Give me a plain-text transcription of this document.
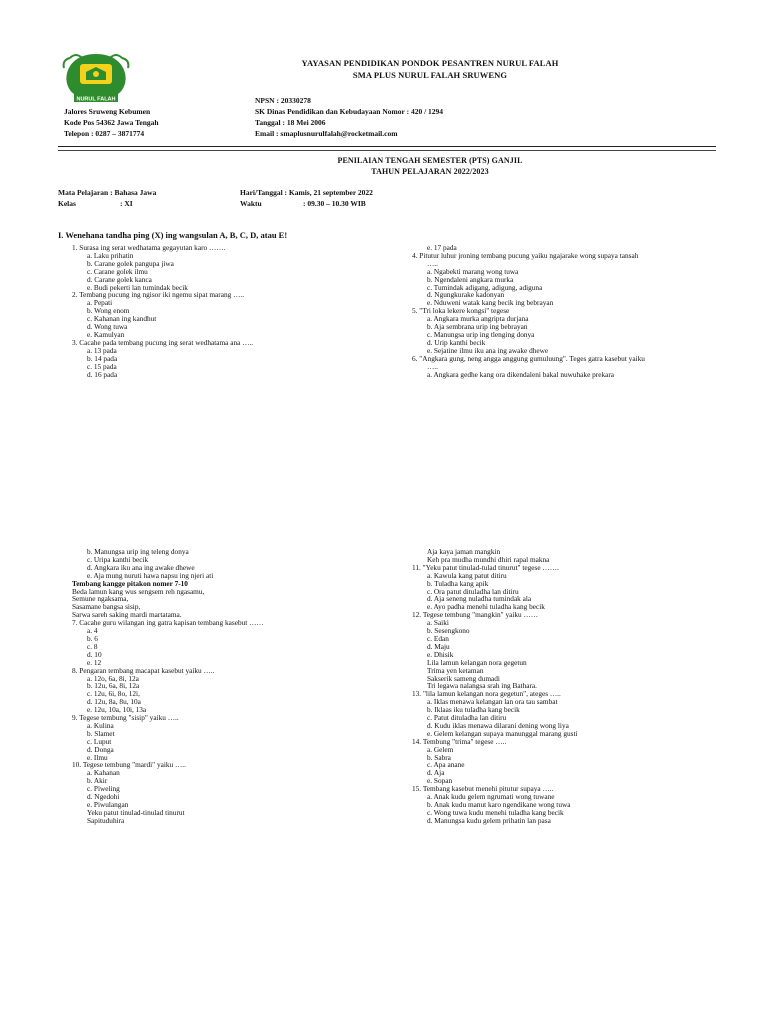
NURUL FALAH
YAYASAN PENDIDIKAN PONDOK PESANTREN NURUL FALAH
SMA PLUS NURUL FALAH SRUWENG
Jalores Sruweng Kebumen
Kode Pos 54362 Jawa Tengah
Telepon : 0287 – 3871774
NPSN : 20330278
SK Dinas Pendidikan dan Kebudayaan Nomor : 420 / 1294
Tanggal : 18 Mei 2006
Email : smaplusnurulfalah@rocketmail.com
PENILAIAN TENGAH SEMESTER (PTS) GANJIL
TAHUN PELAJARAN 2022/2023
Mata Pelajaran : Bahasa Jawa
Kelas	: XI
Hari/Tanggal : Kamis, 21 september 2022
Waktu	: 09.30 – 10.30 WIB
I. Wenehana tandha ping (X) ing wangsulan A, B, C, D, atau E!
1. Surasa ing serat wedhatama gegayutan karo …….
a. Laku prihatin
b. Carane golek pangupa jiwa
c. Carane golek ilmu
d. Carane golek kanca
e. Budi pekerti lan tumindak becik
2. Tembang pucung ing ngisor iki ngemu sipat marang …..
a. Pepati
b. Wong enom
c. Kahanan ing kandhut
d. Wong tuwa
e. Kamulyan
3. Cacahe pada tembang pucung ing serat wedhatama ana …..
a. 13 pada
b. 14 pada
c. 15 pada
d. 16 pada
e. 17 pada
4. Pitutur luhur jroning tembang pucung yaiku ngajarake wong supaya tansah
…..
a. Ngabekti marang wong tuwa
b. Ngendaleni angkara murka
c. Tumindak adigang, adigung, adiguna
d. Ngungkurake kadonyan
e. Nduweni watak kang becik ing bebrayan
5. "Tri loka lekere kongsi" tegese
a. Angkara murka angripta durjana
b. Aja sembrana urip ing bebrayan
c. Manungsa urip ing tlenging donya
d. Urip kanthi becik
e. Sejatine ilmu iku ana ing awake dhewe
6. "Angkara gung, neng angga anggung gumuluung". Teges gatra kasebut yaiku
…..
a. Angkara gedhe kang ora dikendaleni bakal nuwuhake prekara
b. Manungsa urip ing teleng donya
c. Uripa kanthi becik
d. Angkara iku ana ing awake dhewe
e. Aja mung nuruti hawa napsu ing njeri ati
Tembang kangge pitakon nomer 7-10
Beda lamun kang wus sengsem reh ngasamu,
Semune ngaksama,
Sasamane bangsa sisip,
Sarwa sareh saking mardi martatama.
7. Cacahe guru wilangan ing gatra kapisan tembang kasebut ……
a. 4
b. 6
c. 8
d. 10
e. 12
8. Pengaran tembang macapat kasebut yaiku …..
a. 12o, 6a, 8i, 12a
b. 12u, 6a, 8i, 12a
c. 12u, 6i, 8o, 12i,
d. 12u, 8a, 8u, 10a
e. 12u, 10a, 10i, 13a
9. Tegese tembung "sisip" yaiku …..
a. Kulina
b. Slamet
c. Luput
d. Donga
e. Ilmu
10. Tegese tembung "mardi" yaiku …..
a. Kahanan
b. Akir
c. Piweling
d. Ngedohi
e. Piwulangan
Yeku patut tinulad-tinulad tinurut
Sapituduhira
Aja kaya jaman mangkin
Keh pra mudha mundhi dhiri rapal makna
11. "Yeku patut tinulad-tulad tinurut" tegese …….
a. Kawula kang patut ditiru
b. Tuladha kang apik
c. Ora patut dituladha lan ditiru
d. Aja seneng nuladha tumindak ala
e. Ayo padha menehi tuladha kang becik
12. Tegese tembung "mangkin" yaiku ……
a. Saiki
b. Sesengkono
c. Edan
d. Maju
e. Dhisik
Lila lamun kelangan nora gegetun
Trima yen ketaman
Sakserik sameng dumadi
Tri legawa nalangsa srah ing Bathara.
13. "lila lamun kelangan nora gegetun", ateges …..
a. Iklas menawa kelangan lan ora tau sambat
b. Iklaas iku tuladha kang becik
c. Patut dituladha lan ditiru
d. Kudu iklas menawa dilarani dening wong liya
e. Gelem kelangan supaya manunggal marang gusti
14. Tembung "trima" tegese …..
a. Gelem
b. Sabra
c. Apa anane
d. Aja
e. Sopan
15. Tembang kasebut menehi pitutur supaya …..
a. Anak kudu gelem ngrumati wong tuwane
b. Anak kudu manut karo ngendikane wong tuwa
c. Wong tuwa kudu menehi tuladha kang becik
d. Manungsa kudu gelem prihatin lan pasa
